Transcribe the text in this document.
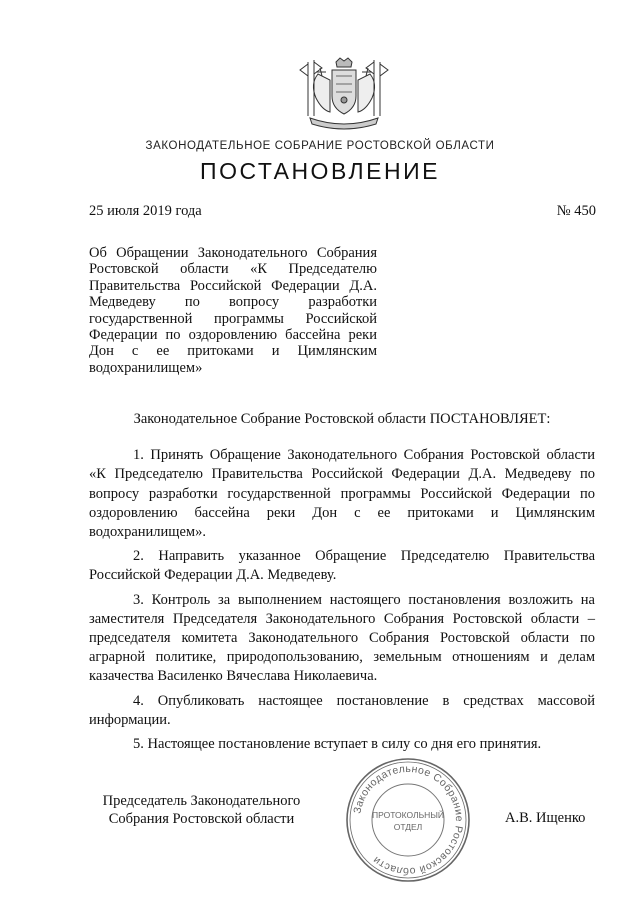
ЗАКОНОДАТЕЛЬНОЕ СОБРАНИЕ РОСТОВСКОЙ ОБЛАСТИ
ПОСТАНОВЛЕНИЕ
25 июля 2019 года	№ 450
Об Обращении Законодательного Собрания Ростовской области «К Председателю Правительства Российской Федерации Д.А. Медведеву по вопросу разработки государственной программы Российской Федерации по оздоровлению бассейна реки Дон с ее притоками и Цимлянским водохранилищем»

Законодательное Собрание Ростовской области ПОСТАНОВЛЯЕТ:

1. Принять Обращение Законодательного Собрания Ростовской области «К Председателю Правительства Российской Федерации Д.А. Медведеву по вопросу разработки государственной программы Российской Федерации по оздоровлению бассейна реки Дон с ее притоками и Цимлянским водохранилищем».

2. Направить указанное Обращение Председателю Правительства Российской Федерации Д.А. Медведеву.

3. Контроль за выполнением настоящего постановления возложить на заместителя Председателя Законодательного Собрания Ростовской области – председателя комитета Законодательного Собрания Ростовской области по аграрной политике, природопользованию, земельным отношениям и делам казачества Василенко Вячеслава Николаевича.

4. Опубликовать настоящее постановление в средствах массовой информации.

5. Настоящее постановление вступает в силу со дня его принятия.

Председатель Законодательного
Собрания Ростовской области
Законодательное Собрание Ростовской области
ПРОТОКОЛЬНЫЙ
ОТДЕЛ
А.В. Ищенко
